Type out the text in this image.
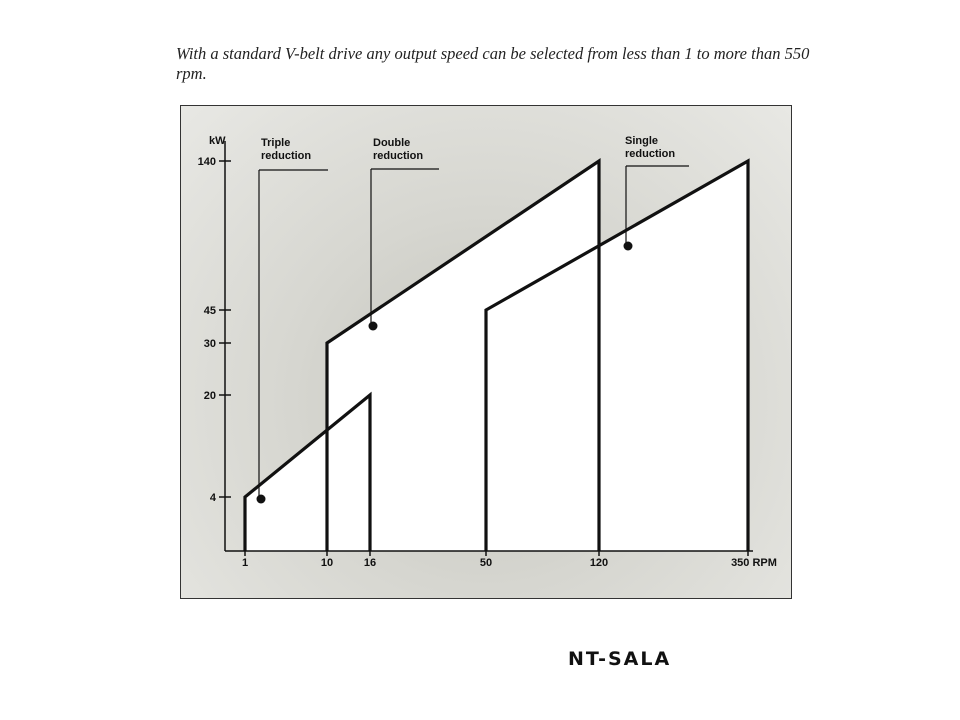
With a standard V-belt drive any output speed can be selected from less than 1 to more than 550 rpm.

140
45
30
20
4
1	10	16	50	120	350 RPM
kW	Triple reduction
Double reduction
Single reduction
NT-SALA
